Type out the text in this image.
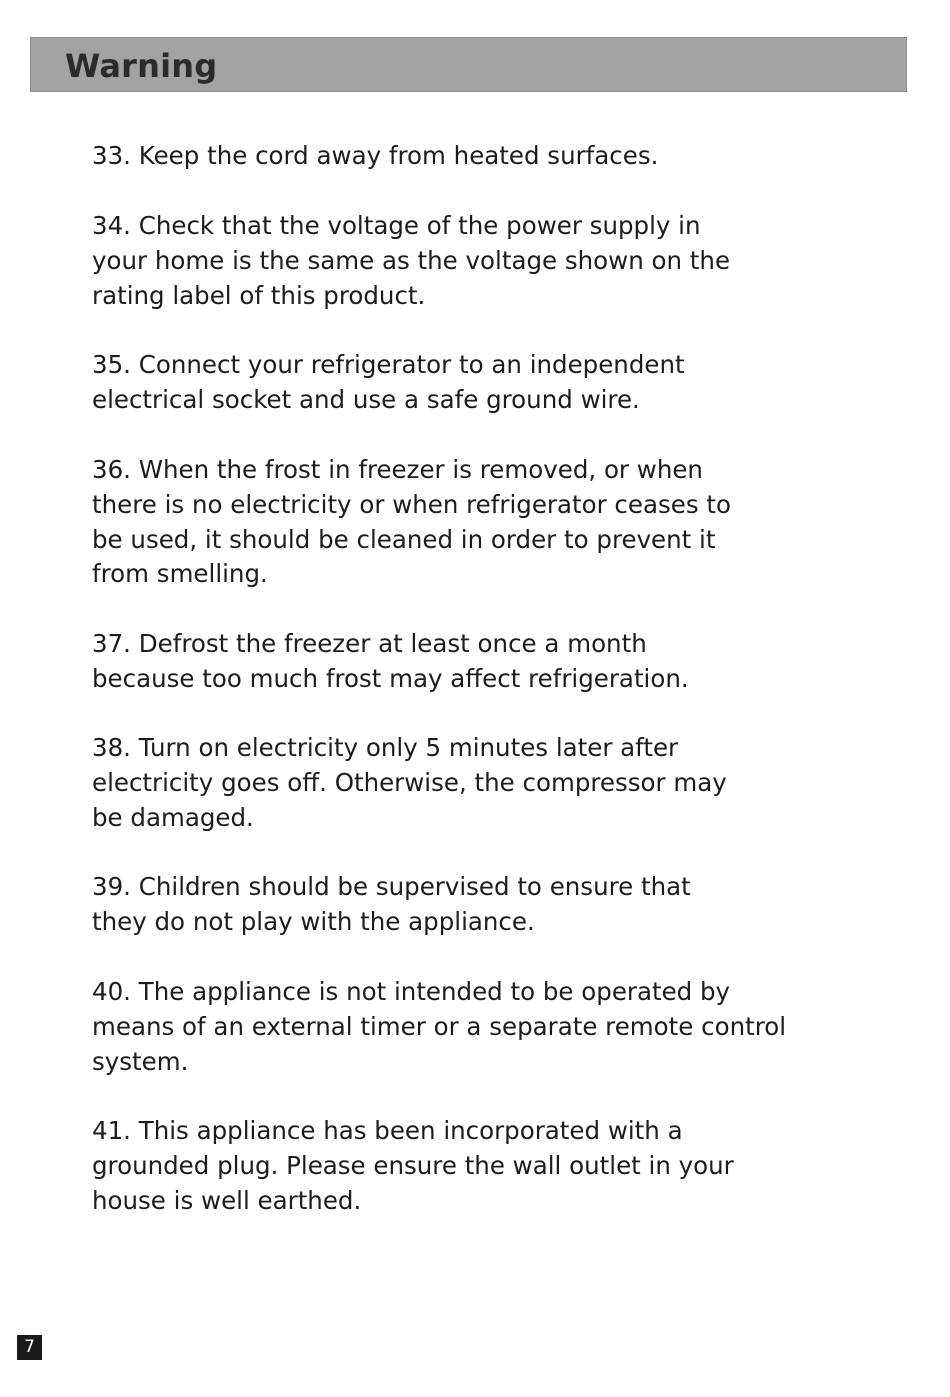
Warning

33. Keep the cord away from heated surfaces.

34. Check that the voltage of the power supply in
your home is the same as the voltage shown on the
rating label of this product.

35. Connect your refrigerator to an independent
electrical socket and use a safe ground wire.

36. When the frost in freezer is removed, or when
there is no electricity or when refrigerator ceases to
be used, it should be cleaned in order to prevent it
from smelling.

37. Defrost the freezer at least once a month
because too much frost may affect refrigeration.

38. Turn on electricity only 5 minutes later after
electricity goes off. Otherwise, the compressor may
be damaged.

39. Children should be supervised to ensure that
they do not play with the appliance.

40. The appliance is not intended to be operated by
means of an external timer or a separate remote control
system.

41. This appliance has been incorporated with a
grounded plug. Please ensure the wall outlet in your
house is well earthed.

7
